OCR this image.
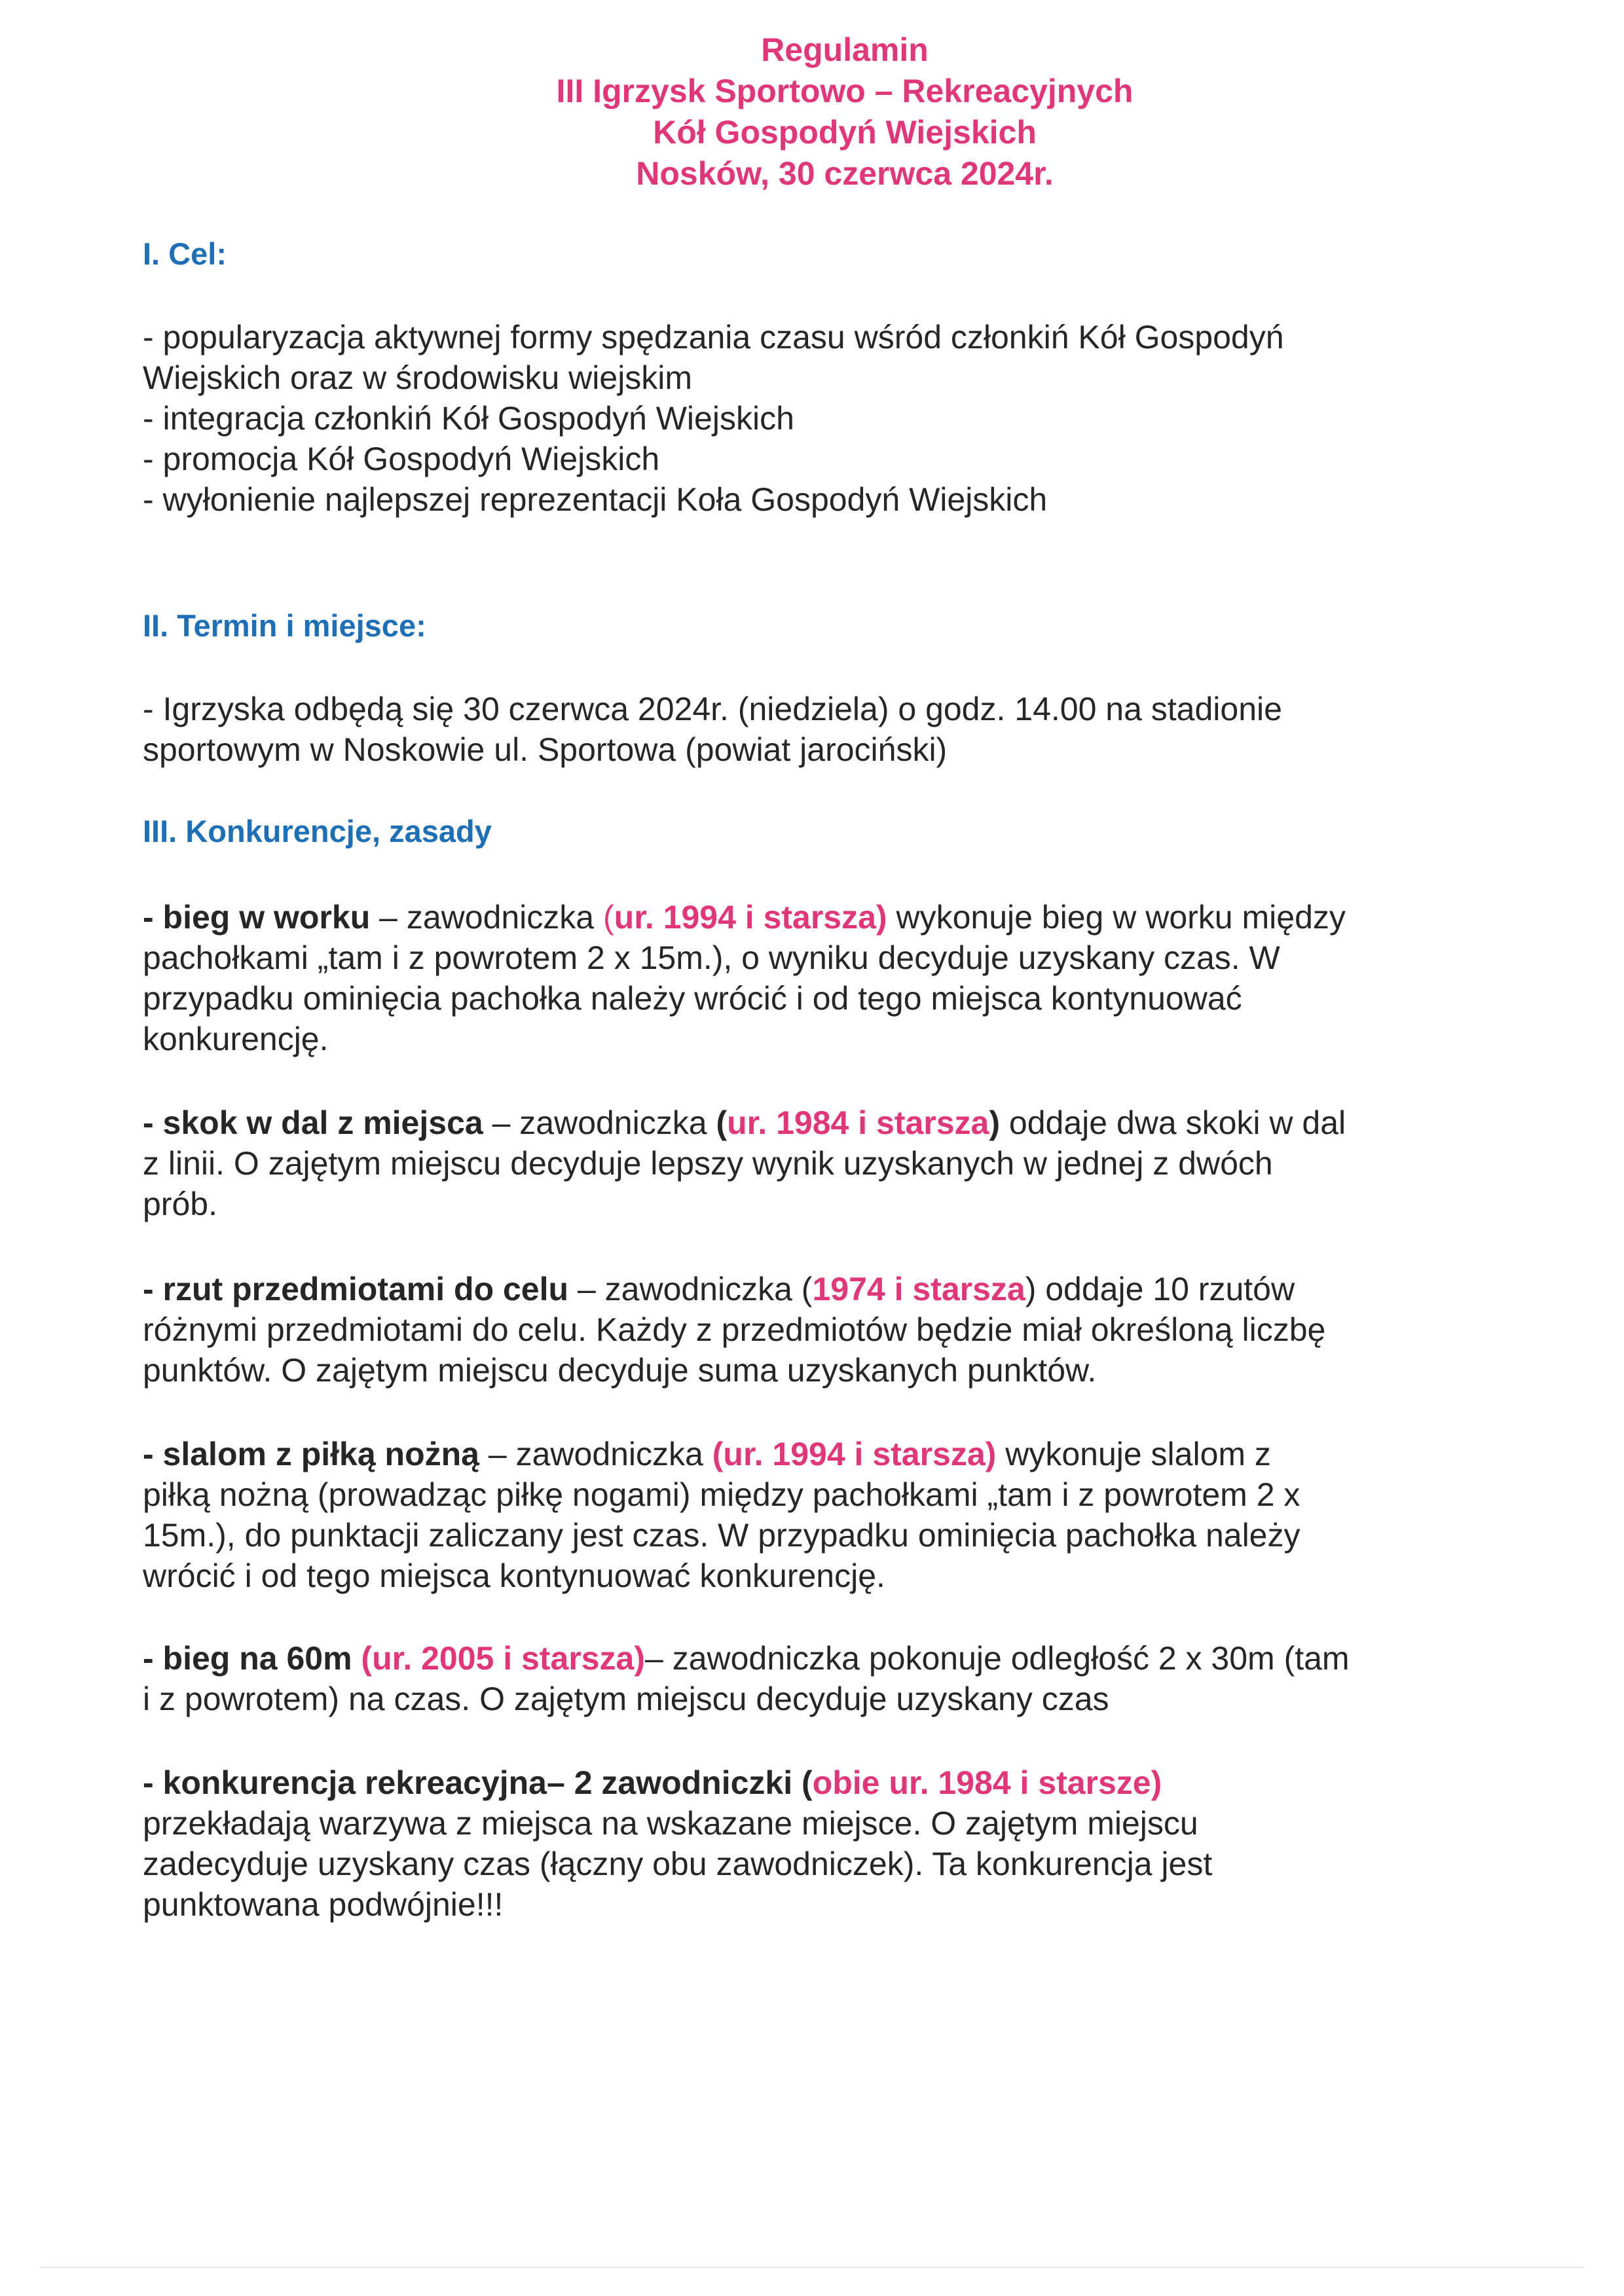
Regulamin
III Igrzysk Sportowo – Rekreacyjnych
Kół Gospodyń Wiejskich
Nosków, 30 czerwca 2024r.
I. Cel:
- popularyzacja aktywnej formy spędzania czasu wśród członkiń Kół Gospodyń
Wiejskich oraz w środowisku wiejskim
- integracja członkiń Kół Gospodyń Wiejskich
- promocja Kół Gospodyń Wiejskich
- wyłonienie najlepszej reprezentacji Koła Gospodyń Wiejskich
II. Termin i miejsce:
- Igrzyska odbędą się 30 czerwca 2024r. (niedziela) o godz. 14.00 na stadionie
sportowym w Noskowie ul. Sportowa (powiat jarociński)
III. Konkurencje, zasady
- bieg w worku – zawodniczka (ur. 1994 i starsza) wykonuje bieg w worku między
pachołkami „tam i z powrotem 2 x 15m.), o wyniku decyduje uzyskany czas. W
przypadku ominięcia pachołka należy wrócić i od tego miejsca kontynuować
konkurencję.
- skok w dal z miejsca – zawodniczka (ur. 1984 i starsza) oddaje dwa skoki w dal
z linii. O zajętym miejscu decyduje lepszy wynik uzyskanych w jednej z dwóch
prób.
- rzut przedmiotami do celu – zawodniczka (1974 i starsza) oddaje 10 rzutów
różnymi przedmiotami do celu. Każdy z przedmiotów będzie miał określoną liczbę
punktów. O zajętym miejscu decyduje suma uzyskanych punktów.
- slalom z piłką nożną – zawodniczka (ur. 1994 i starsza) wykonuje slalom z
piłką nożną (prowadząc piłkę nogami) między pachołkami „tam i z powrotem 2 x
15m.), do punktacji zaliczany jest czas. W przypadku ominięcia pachołka należy
wrócić i od tego miejsca kontynuować konkurencję.
- bieg na 60m (ur. 2005 i starsza)– zawodniczka pokonuje odległość 2 x 30m (tam
i z powrotem) na czas. O zajętym miejscu decyduje uzyskany czas
- konkurencja rekreacyjna– 2 zawodniczki (obie ur. 1984 i starsze)
przekładają warzywa z miejsca na wskazane miejsce. O zajętym miejscu
zadecyduje uzyskany czas (łączny obu zawodniczek). Ta konkurencja jest
punktowana podwójnie!!!
